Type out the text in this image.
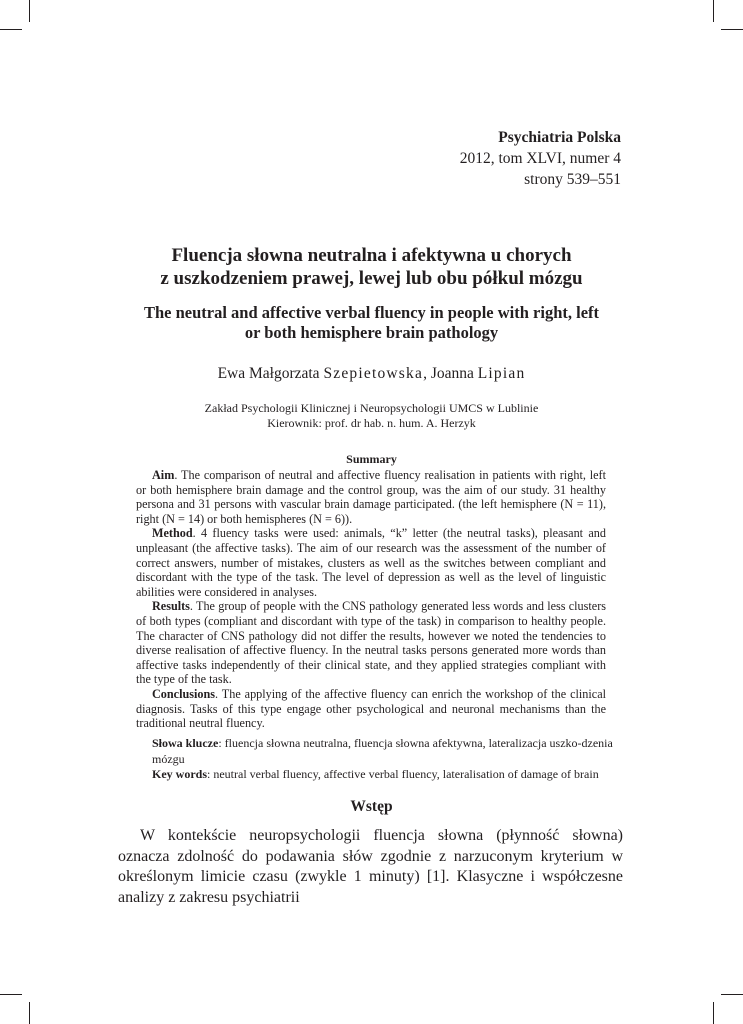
Psychiatria Polska
2012, tom XLVI, numer 4
strony 539–551
Fluencja słowna neutralna i afektywna u chorych
z uszkodzeniem prawej, lewej lub obu półkul mózgu
The neutral and affective verbal fluency in people with right, left
or both hemisphere brain pathology
Ewa Małgorzata Szepietowska, Joanna Lipian
Zakład Psychologii Klinicznej i Neuropsychologii UMCS w Lublinie
Kierownik: prof. dr hab. n. hum. A. Herzyk
Summary

Aim. The comparison of neutral and affective fluency realisation in patients with right, left or both hemisphere brain damage and the control group, was the aim of our study. 31 healthy persona and 31 persons with vascular brain damage participated. (the left hemisphere (N = 11), right (N = 14) or both hemispheres (N = 6)).

Method. 4 fluency tasks were used: animals, “k” letter (the neutral tasks), pleasant and unpleasant (the affective tasks). The aim of our research was the assessment of the number of correct answers, number of mistakes, clusters as well as the switches between compliant and discordant with the type of the task. The level of depression as well as the level of linguistic abilities were considered in analyses.

Results. The group of people with the CNS pathology generated less words and less clusters of both types (compliant and discordant with type of the task) in comparison to healthy people. The character of CNS pathology did not differ the results, however we noted the tendencies to diverse realisation of affective fluency. In the neutral tasks persons generated more words than affective tasks independently of their clinical state, and they applied strategies compliant with the type of the task.

Conclusions. The applying of the affective fluency can enrich the workshop of the clinical diagnosis. Tasks of this type engage other psychological and neuronal mechanisms than the traditional neutral fluency.

Słowa klucze: fluencja słowna neutralna, fluencja słowna afektywna, lateralizacja uszko-dzenia mózgu

Key words: neutral verbal fluency, affective verbal fluency, lateralisation of damage of brain

Wstęp

W kontekście neuropsychologii fluencja słowna (płynność słowna) oznacza zdolność do podawania słów zgodnie z narzuconym kryterium w określonym limicie czasu (zwykle 1 minuty) [1]. Klasyczne i współczesne analizy z zakresu psychiatrii
